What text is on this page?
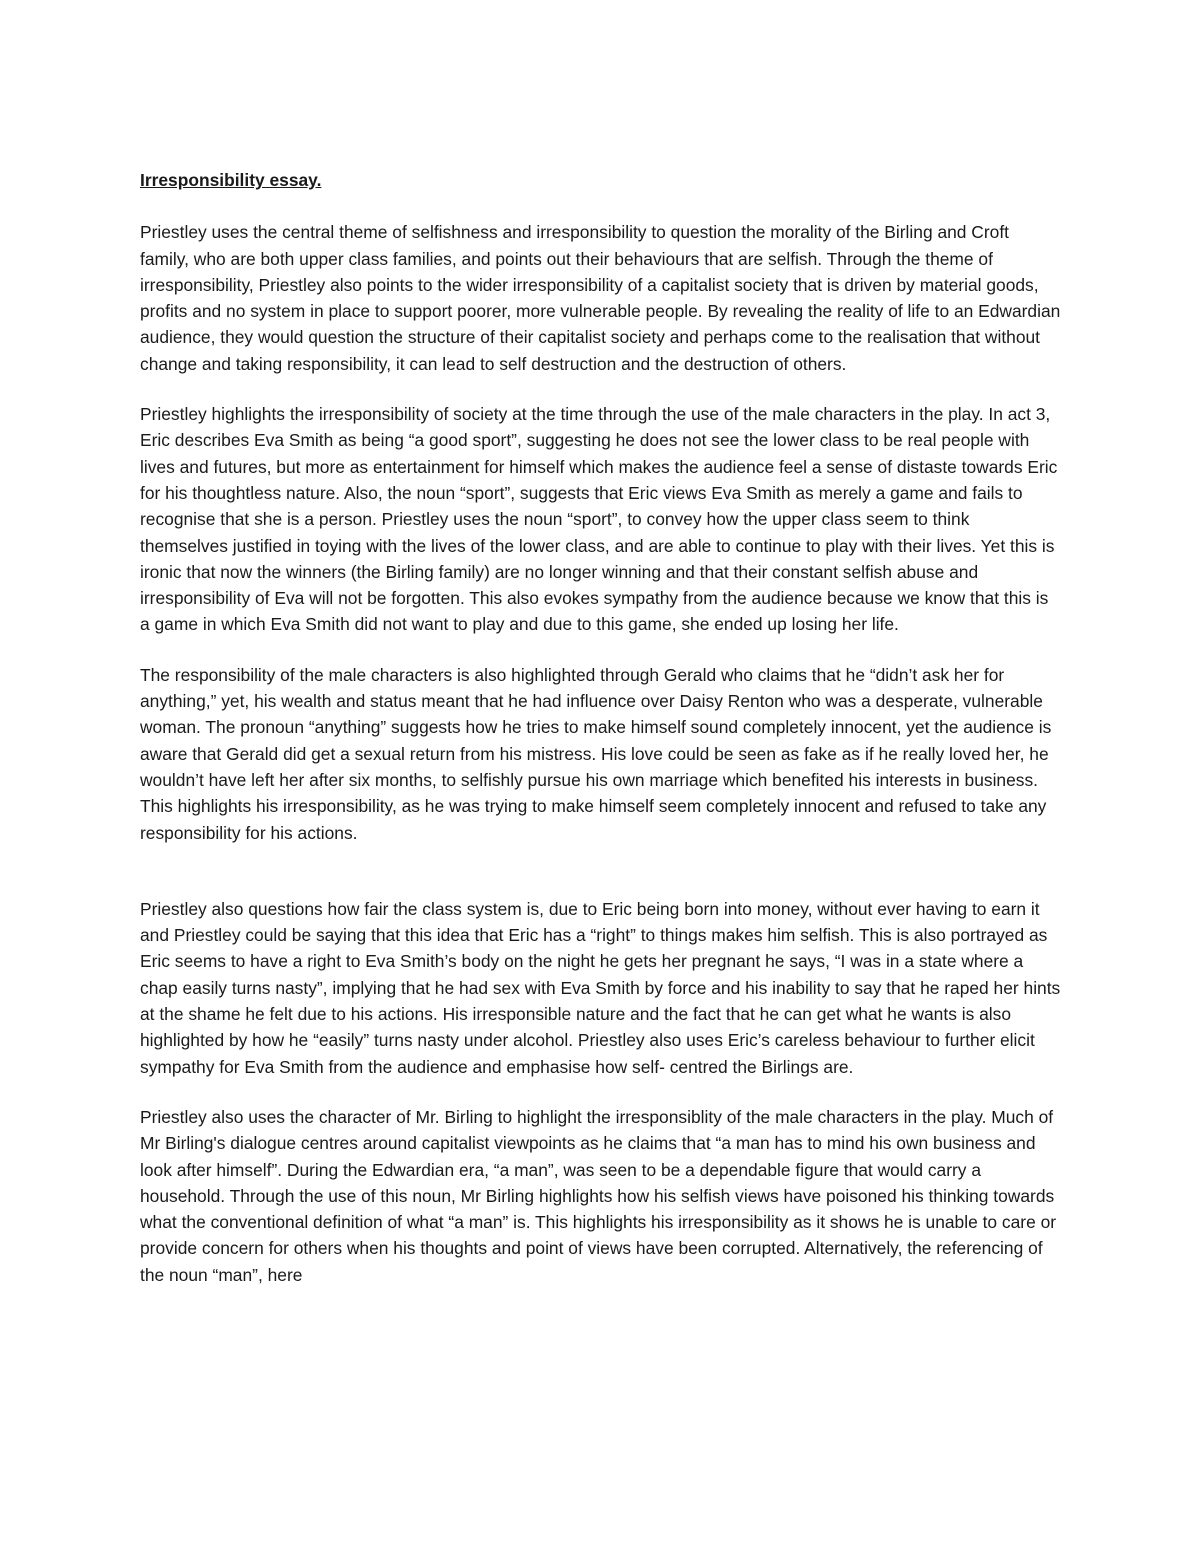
Irresponsibility essay.

Priestley uses the central theme of selfishness and irresponsibility to question the morality of the Birling and Croft family, who are both upper class families, and points out their behaviours that are selfish. Through the theme of irresponsibility, Priestley also points to the wider irresponsibility of a capitalist society that is driven by material goods, profits and no system in place to support poorer, more vulnerable people. By revealing the reality of life to an Edwardian audience, they would question the structure of their capitalist society and perhaps come to the realisation that without change and taking responsibility, it can lead to self destruction and the destruction of others.

Priestley highlights the irresponsibility of society at the time through the use of the male characters in the play. In act 3, Eric describes Eva Smith as being “a good sport”, suggesting he does not see the lower class to be real people with lives and futures, but more as entertainment for himself which makes the audience feel a sense of distaste towards Eric for his thoughtless nature. Also, the noun “sport”, suggests that Eric views Eva Smith as merely a game and fails to recognise that she is a person. Priestley uses the noun “sport”, to convey how the upper class seem to think themselves justified in toying with the lives of the lower class, and are able to continue to play with their lives. Yet this is ironic that now the winners (the Birling family) are no longer winning and that their constant selfish abuse and irresponsibility of Eva will not be forgotten. This also evokes sympathy from the audience because we know that this is a game in which Eva Smith did not want to play and due to this game, she ended up losing her life.

The responsibility of the male characters is also highlighted through Gerald who claims that he “didn’t ask her for anything,” yet, his wealth and status meant that he had influence over Daisy Renton who was a desperate, vulnerable woman. The pronoun “anything” suggests how he tries to make himself sound completely innocent, yet the audience is aware that Gerald did get a sexual return from his mistress. His love could be seen as fake as if he really loved her, he wouldn’t have left her after six months, to selfishly pursue his own marriage which benefited his interests in business. This highlights his irresponsibility, as he was trying to make himself seem completely innocent and refused to take any responsibility for his actions.

Priestley also questions how fair the class system is, due to Eric being born into money, without ever having to earn it and Priestley could be saying that this idea that Eric has a “right” to things makes him selfish. This is also portrayed as Eric seems to have a right to Eva Smith’s body on the night he gets her pregnant he says, “I was in a state where a chap easily turns nasty”, implying that he had sex with Eva Smith by force and his inability to say that he raped her hints at the shame he felt due to his actions. His irresponsible nature and the fact that he can get what he wants is also highlighted by how he “easily” turns nasty under alcohol. Priestley also uses Eric’s careless behaviour to further elicit sympathy for Eva Smith from the audience and emphasise how self- centred the Birlings are.

Priestley also uses the character of Mr. Birling to highlight the irresponsiblity of the male characters in the play. Much of Mr Birling's dialogue centres around capitalist viewpoints as he claims that “a man has to mind his own business and look after himself”. During the Edwardian era, “a man”, was seen to be a dependable figure that would carry a household. Through the use of this noun, Mr Birling highlights how his selfish views have poisoned his thinking towards what the conventional definition of what “a man” is. This highlights his irresponsibility as it shows he is unable to care or provide concern for others when his thoughts and point of views have been corrupted. Alternatively, the referencing of the noun “man”, here
